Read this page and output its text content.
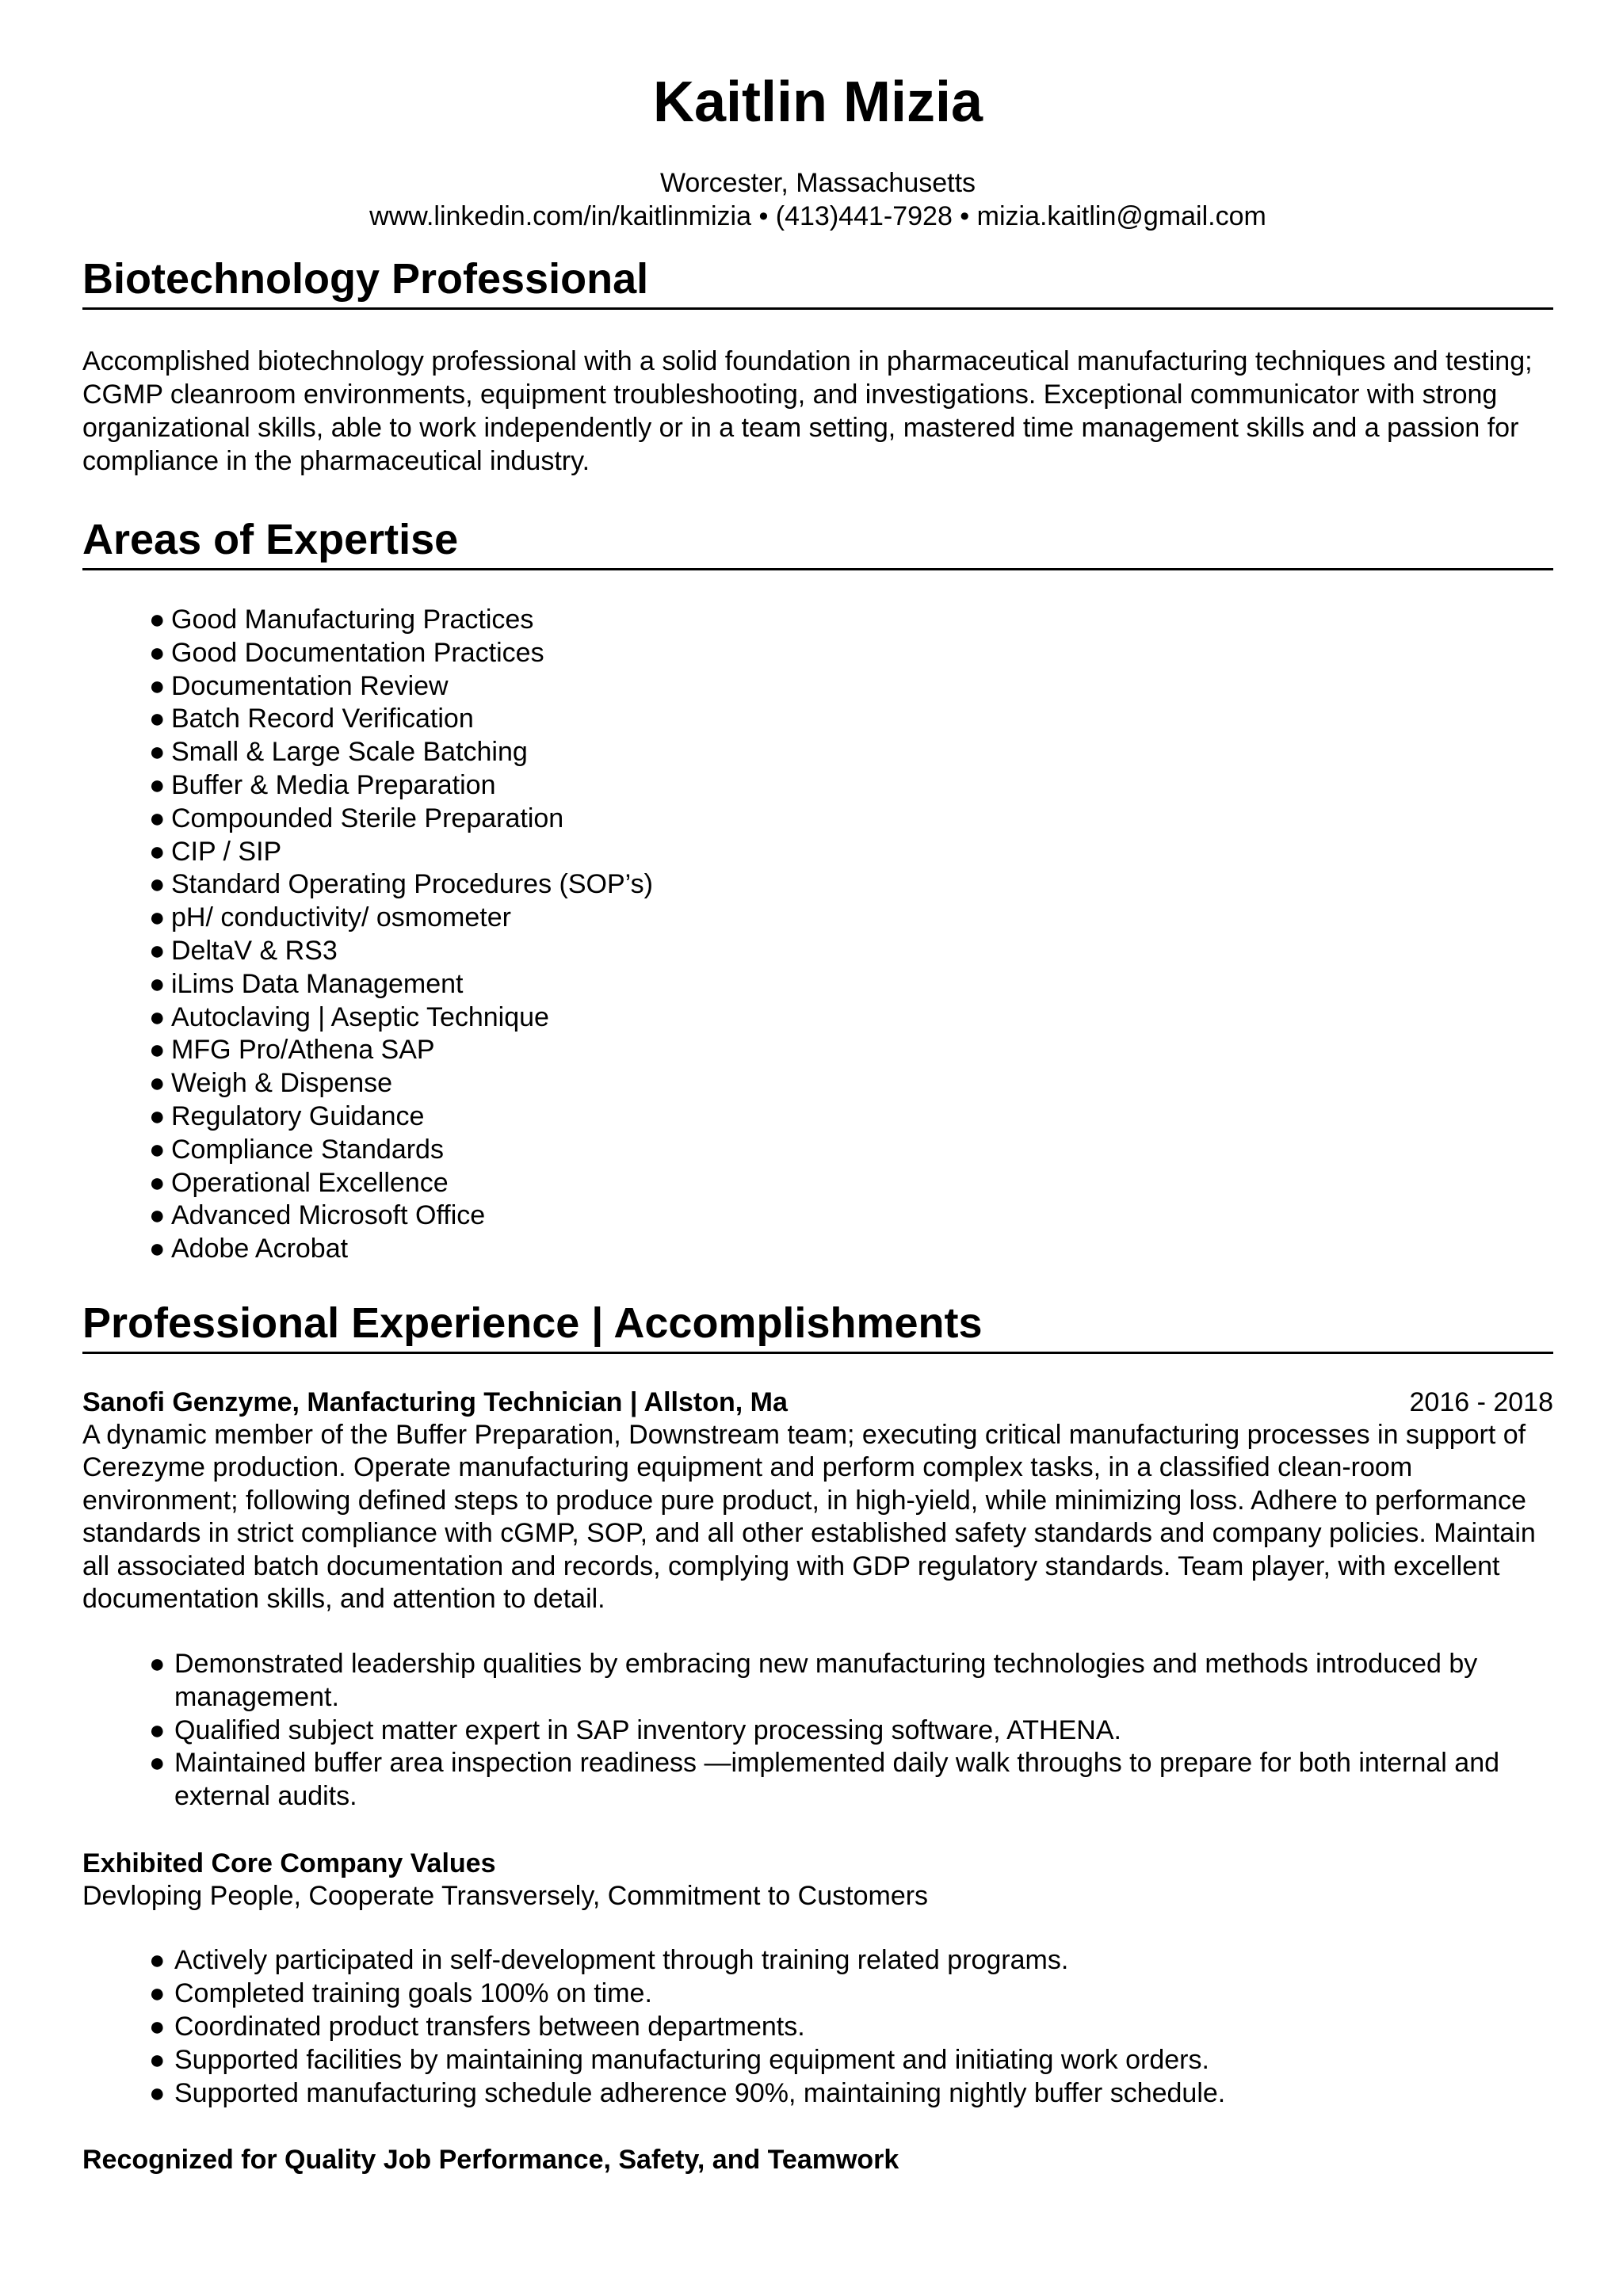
Kaitlin Mizia
Worcester, Massachusetts
www.linkedin.com/in/kaitlinmizia • (413)441-7928 • mizia.kaitlin@gmail.com
Biotechnology Professional
Accomplished biotechnology professional with a solid foundation in pharmaceutical manufacturing techniques and testing; CGMP cleanroom environments, equipment troubleshooting, and investigations. Exceptional communicator with strong organizational skills, able to work independently or in a team setting, mastered time management skills and a passion for compliance in the pharmaceutical industry.
Areas of Expertise
● Good Manufacturing Practices
● Good Documentation Practices
● Documentation Review
● Batch Record Verification
● Small & Large Scale Batching
● Buffer & Media Preparation
● Compounded Sterile Preparation
● CIP / SIP
● Standard Operating Procedures (SOP’s)
● pH/ conductivity/ osmometer
● DeltaV & RS3
● iLims Data Management
● Autoclaving | Aseptic Technique
● MFG Pro/Athena SAP
● Weigh & Dispense
● Regulatory Guidance
● Compliance Standards
● Operational Excellence
● Advanced Microsoft Office
● Adobe Acrobat
Professional Experience | Accomplishments
Sanofi Genzyme, Manfacturing Technician | Allston, Ma	2016 - 2018
A dynamic member of the Buffer Preparation, Downstream team; executing critical manufacturing processes in support of Cerezyme production. Operate manufacturing equipment and perform complex tasks, in a classified clean-room environment; following defined steps to produce pure product, in high-yield, while minimizing loss. Adhere to performance standards in strict compliance with cGMP, SOP, and all other established safety standards and company policies. Maintain all associated batch documentation and records, complying with GDP regulatory standards. Team player, with excellent documentation skills, and attention to detail.
● Demonstrated leadership qualities by embracing new manufacturing technologies and methods introduced by management.
● Qualified subject matter expert in SAP inventory processing software, ATHENA.
● Maintained buffer area inspection readiness —implemented daily walk throughs to prepare for both internal and external audits.
Exhibited Core Company Values
Devloping People, Cooperate Transversely, Commitment to Customers
● Actively participated in self-development through training related programs.
● Completed training goals 100% on time.
● Coordinated product transfers between departments.
● Supported facilities by maintaining manufacturing equipment and initiating work orders.
● Supported manufacturing schedule adherence 90%, maintaining nightly buffer schedule.
Recognized for Quality Job Performance, Safety, and Teamwork
